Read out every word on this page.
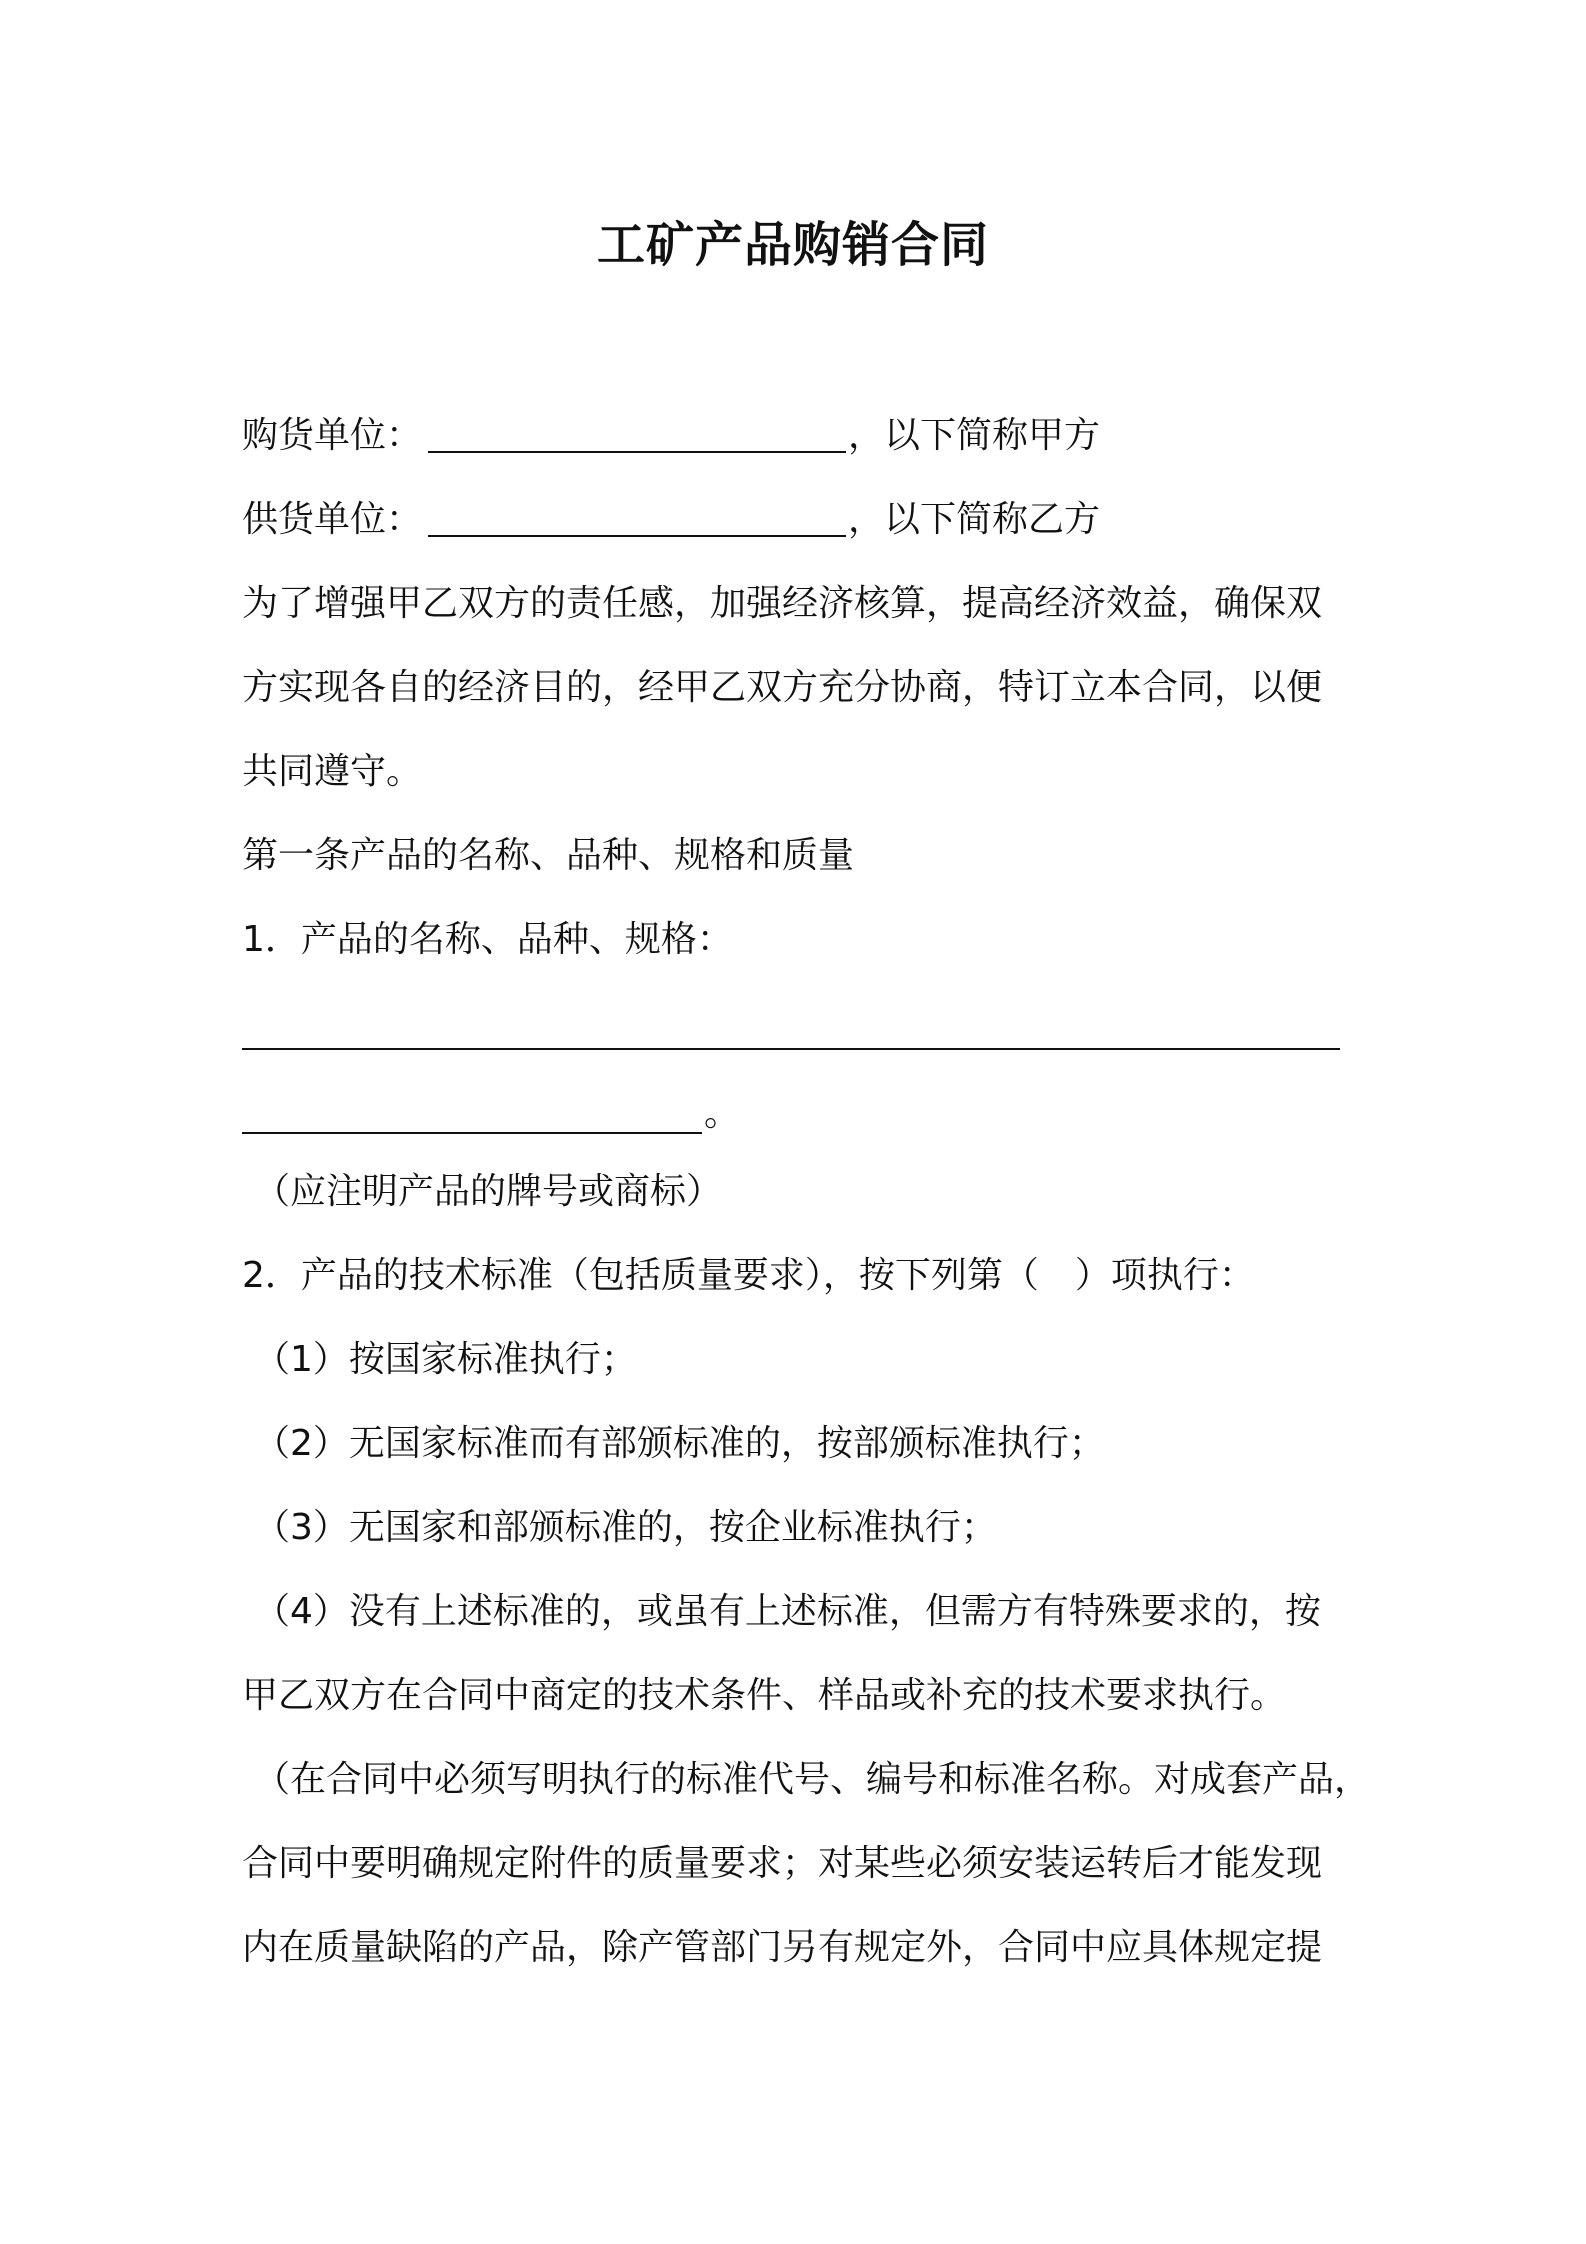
工矿产品购销合同
购货单位：	，以下简称甲方
供货单位：	，以下简称乙方
为了增强甲乙双方的责任感，加强经济核算，提高经济效益，确保双
方实现各自的经济目的，经甲乙双方充分协商，特订立本合同，以便
共同遵守。
第一条产品的名称、品种、规格和质量
1．产品的名称、品种、规格：
。
（应注明产品的牌号或商标）
2．产品的技术标准（包括质量要求），按下列第（　）项执行：
（1）按国家标准执行；
（2）无国家标准而有部颁标准的，按部颁标准执行；
（3）无国家和部颁标准的，按企业标准执行；
（4）没有上述标准的，或虽有上述标准，但需方有特殊要求的，按
甲乙双方在合同中商定的技术条件、样品或补充的技术要求执行。
（在合同中必须写明执行的标准代号、编号和标准名称。对成套产品，
合同中要明确规定附件的质量要求；对某些必须安装运转后才能发现
内在质量缺陷的产品，除产管部门另有规定外，合同中应具体规定提
